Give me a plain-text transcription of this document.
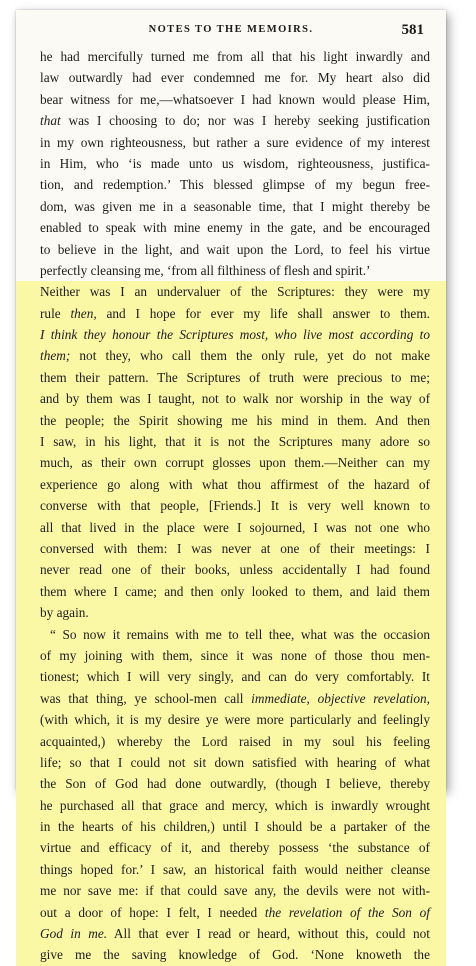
NOTES TO THE MEMOIRS.	581
he had mercifully turned me from all that his light inwardly and
law outwardly had ever condemned me for. My heart also did
bear witness for me,—whatsoever I had known would please Him,
that was I choosing to do; nor was I hereby seeking justification
in my own righteousness, but rather a sure evidence of my interest
in Him, who ‘is made unto us wisdom, righteousness, justifica-
tion, and redemption.’ This blessed glimpse of my begun free-
dom, was given me in a seasonable time, that I might thereby be
enabled to speak with mine enemy in the gate, and be encouraged
to believe in the light, and wait upon the Lord, to feel his virtue
perfectly cleansing me, ‘from all filthiness of flesh and spirit.’
Neither was I an undervaluer of the Scriptures: they were my
rule then, and I hope for ever my life shall answer to them.
I think they honour the Scriptures most, who live most according to
them; not they, who call them the only rule, yet do not make
them their pattern. The Scriptures of truth were precious to me;
and by them was I taught, not to walk nor worship in the way of
the people; the Spirit showing me his mind in them. And then
I saw, in his light, that it is not the Scriptures many adore so
much, as their own corrupt glosses upon them.—Neither can my
experience go along with what thou affirmest of the hazard of
converse with that people, [Friends.] It is very well known to
all that lived in the place were I sojourned, I was not one who
conversed with them: I was never at one of their meetings: I
never read one of their books, unless accidentally I had found
them where I came; and then only looked to them, and laid them
by again.
“ So now it remains with me to tell thee, what was the occasion
of my joining with them, since it was none of those thou men-
tionest; which I will very singly, and can do very comfortably. It
was that thing, ye school-men call immediate, objective revelation,
(with which, it is my desire ye were more particularly and feelingly
acquainted,) whereby the Lord raised in my soul his feeling
life; so that I could not sit down satisfied with hearing of what
the Son of God had done outwardly, (though I believe, thereby
he purchased all that grace and mercy, which is inwardly wrought
in the hearts of his children,) until I should be a partaker of the
virtue and efficacy of it, and thereby possess ‘the substance of
things hoped for.’ I saw, an historical faith would neither cleanse
me nor save me: if that could save any, the devils were not with-
out a door of hope: I felt, I needed the revelation of the Son of
God in me. All that ever I read or heard, without this, could not
give me the saving knowledge of God. ‘None knoweth the
